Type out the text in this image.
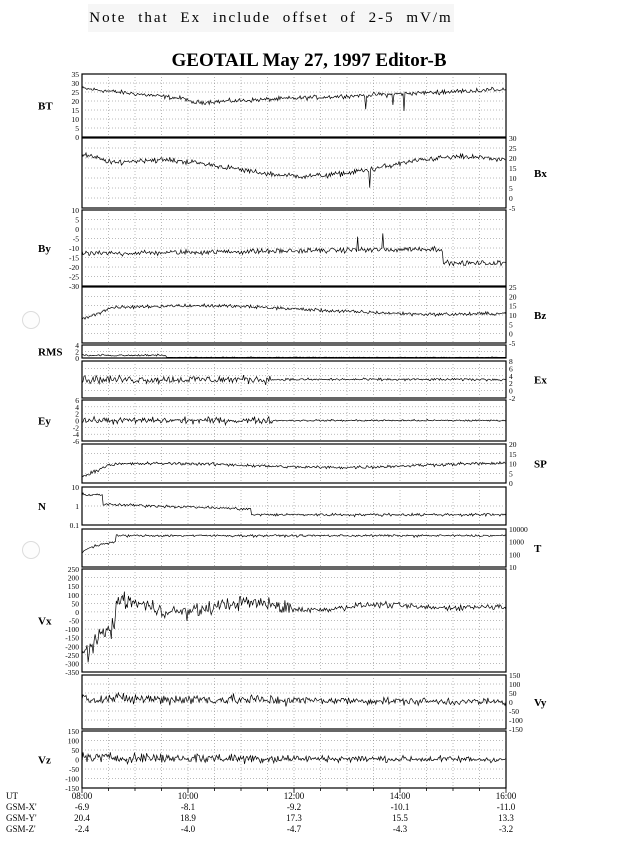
Note that Ex include offset of 2-5 mV/m
GEOTAIL May 27, 1997 Editor-B
35
30
25
20
15
10
5
0
BT
30
25
20
15
10
5
0
-5
Bx
10
5
0
-5
-10
-15
-20
-25
-30
By
25
20
15
10
5
0
-5
Bz
4
2
0
RMS
8
6
4
2
0
-2
Ex
6
4
2
0
-2
-4
-6
Ey
20
15
10
5
0
SP
10
1
0.1
N
10000
1000
100
10
T
250
200
150
100
50
0
-50
-100
-150
-200
-250
-300
-350
Vx
150
100
50
0
-50
-100
-150
Vy
150
100
50
0
-50
-100
-150
Vz
UT	08:00	10:00	12:00	14:00	16:00
GSM-X'	-6.9	-8.1	-9.2	-10.1	-11.0
GSM-Y'	20.4	18.9	17.3	15.5	13.3
GSM-Z'	-2.4	-4.0	-4.7	-4.3	-3.2
